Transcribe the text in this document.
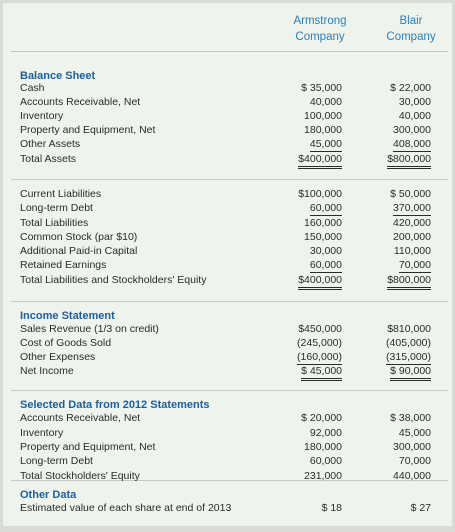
Armstrong
Company
Blair
Company
Balance Sheet
Cash	$ 35,000	$ 22,000
Accounts Receivable, Net	40,000	30,000
Inventory	100,000	40,000
Property and Equipment, Net	180,000	300,000
Other Assets	45,000	408,000
Total Assets	$400,000	$800,000
Current Liabilities	$100,000	$ 50,000
Long-term Debt	60,000	370,000
Total Liabilities	160,000	420,000
Common Stock (par $10)	150,000	200,000
Additional Paid-in Capital	30,000	110,000
Retained Earnings	60,000	70,000
Total Liabilities and Stockholders' Equity	$400,000	$800,000
Income Statement
Sales Revenue (1/3 on credit)	$450,000	$810,000
Cost of Goods Sold	(245,000)	(405,000)
Other Expenses	(160,000)	(315,000)
Net Income	$ 45,000	$ 90,000
Selected Data from 2012 Statements
Accounts Receivable, Net	$ 20,000	$ 38,000
Inventory	92,000	45,000
Property and Equipment, Net	180,000	300,000
Long-term Debt	60,000	70,000
Total Stockholders' Equity	231,000	440,000
Other Data
Estimated value of each share at end of 2013	$ 18	$ 27
